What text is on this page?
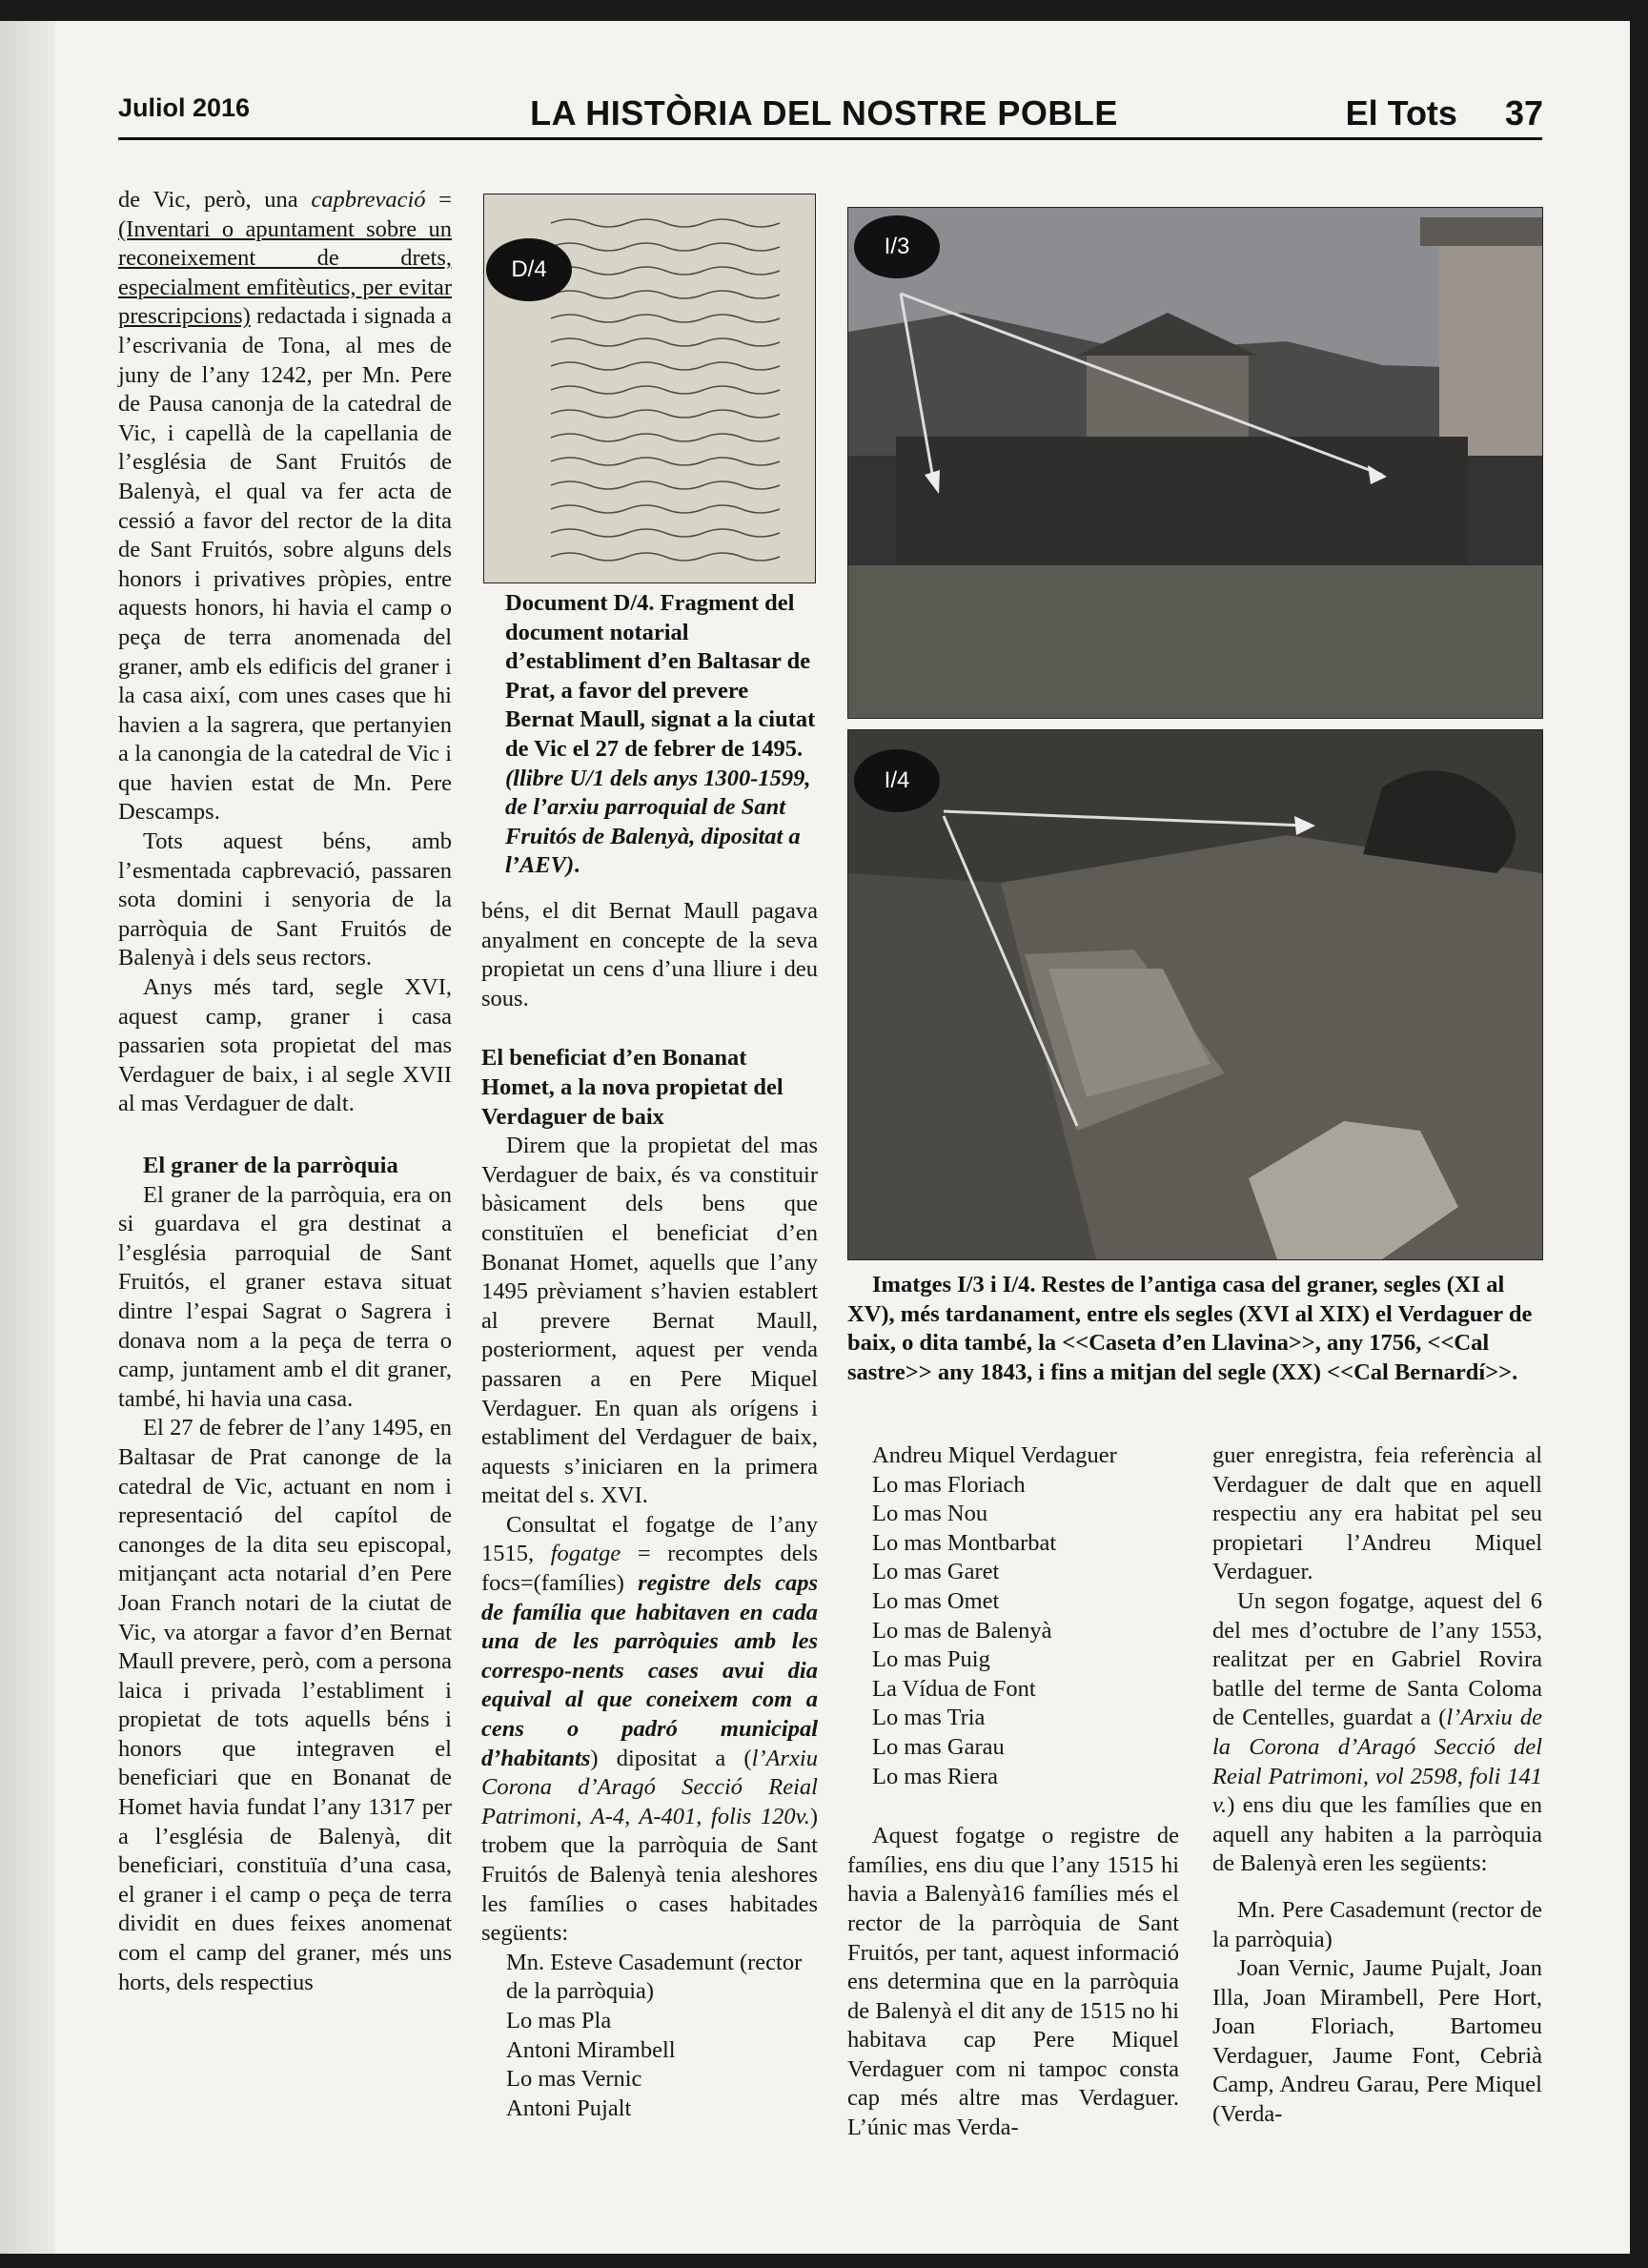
Juliol 2016	LA HISTÒRIA DEL NOSTRE POBLE	El Tots 37

de Vic, però, una capbrevació = (Inventari o apuntament sobre un reconeixement de drets, especialment emfitèutics, per evitar prescripcions) redactada i signada a l’escrivania de Tona, al mes de juny de l’any 1242, per Mn. Pere de Pausa canonja de la catedral de Vic, i capellà de la capellania de l’església de Sant Fruitós de Balenyà, el qual va fer acta de cessió a favor del rector de la dita de Sant Fruitós, sobre alguns dels honors i privatives pròpies, entre aquests honors, hi havia el camp o peça de terra anomenada del graner, amb els edificis del graner i la casa així, com unes cases que hi havien a la sagrera, que pertanyien a la canongia de la catedral de Vic i que havien estat de Mn. Pere Descamps.

Tots aquest béns, amb l’esmentada capbrevació, passaren sota domini i senyoria de la parròquia de Sant Fruitós de Balenyà i dels seus rectors.

Anys més tard, segle XVI, aquest camp, graner i casa passarien sota propietat del mas Verdaguer de baix, i al segle XVII al mas Verdaguer de dalt.

El graner de la parròquia

El graner de la parròquia, era on si guardava el gra destinat a l’església parroquial de Sant Fruitós, el graner estava situat dintre l’espai Sagrat o Sagrera i donava nom a la peça de terra o camp, juntament amb el dit graner, també, hi havia una casa.

El 27 de febrer de l’any 1495, en Baltasar de Prat canonge de la catedral de Vic, actuant en nom i representació del capítol de canonges de la dita seu episcopal, mitjançant acta notarial d’en Pere Joan Franch notari de la ciutat de Vic, va atorgar a favor d’en Bernat Maull prevere, però, com a persona laica i privada l’establiment i propietat de tots aquells béns i honors que integraven el beneficiari que en Bonanat de Homet havia fundat l’any 1317 per a l’església de Balenyà, dit beneficiari, constituïa d’una casa, el graner i el camp o peça de terra dividit en dues feixes anomenat com el camp del graner, més uns horts, dels respectius

D/4
Document D/4. Fragment del document notarial d’establiment d’en Baltasar de Prat, a favor del prevere Bernat Maull, signat a la ciutat de Vic el 27 de febrer de 1495. (llibre U/1 dels anys 1300-1599, de l’arxiu parroquial de Sant Fruitós de Balenyà, dipositat a l’AEV).

béns, el dit Bernat Maull pagava anyalment en concepte de la seva propietat un cens d’una lliure i deu sous.

El beneficiat d’en Bonanat Homet, a la nova propietat del Verdaguer de baix

Direm que la propietat del mas Verdaguer de baix, és va constituir bàsicament dels bens que constituïen el beneficiat d’en Bonanat Homet, aquells que l’any 1495 prèviament s’havien establert al prevere Bernat Maull, posteriorment, aquest per venda passaren a en Pere Miquel Verdaguer. En quan als orígens i establiment del Verdaguer de baix, aquests s’iniciaren en la primera meitat del s. XVI.

Consultat el fogatge de l’any 1515, fogatge = recomptes dels focs=(famílies) registre dels caps de família que habitaven en cada una de les parròquies amb les correspo-nents cases avui dia equival al que coneixem com a cens o padró municipal d’habitants) dipositat a (l’Arxiu Corona d’Aragó Secció Reial Patrimoni, A-4, A-401, folis 120v.) trobem que la parròquia de Sant Fruitós de Balenyà tenia aleshores les famílies o cases habitades següents:

Mn. Esteve Casademunt (rector de la parròquia)
Lo mas Pla
Antoni Mirambell
Lo mas Vernic
Antoni Pujalt
I/3
I/4
Imatges I/3 i I/4. Restes de l’antiga casa del graner, segles (XI al XV), més tardanament, entre els segles (XVI al XIX) el Verdaguer de baix, o dita també, la <<Caseta d’en Llavina>>, any 1756, <<Cal sastre>> any 1843, i fins a mitjan del segle (XX) <<Cal Bernardí>>.
Andreu Miquel Verdaguer
Lo mas Floriach
Lo mas Nou
Lo mas Montbarbat
Lo mas Garet
Lo mas Omet
Lo mas de Balenyà
Lo mas Puig
La Vídua de Font
Lo mas Tria
Lo mas Garau
Lo mas Riera

Aquest fogatge o registre de famílies, ens diu que l’any 1515 hi havia a Balenyà16 famílies més el rector de la parròquia de Sant Fruitós, per tant, aquest informació ens determina que en la parròquia de Balenyà el dit any de 1515 no hi habitava cap Pere Miquel Verdaguer com ni tampoc consta cap més altre mas Verdaguer. L’únic mas Verda-

guer enregistra, feia referència al Verdaguer de dalt que en aquell respectiu any era habitat pel seu propietari l’Andreu Miquel Verdaguer.

Un segon fogatge, aquest del 6 del mes d’octubre de l’any 1553, realitzat per en Gabriel Rovira batlle del terme de Santa Coloma de Centelles, guardat a (l’Arxiu de la Corona d’Aragó Secció del Reial Patrimoni, vol 2598, foli 141 v.) ens diu que les famílies que en aquell any habiten a la parròquia de Balenyà eren les següents:

Mn. Pere Casademunt (rector de la parròquia)

Joan Vernic, Jaume Pujalt, Joan Illa, Joan Mirambell, Pere Hort, Joan Floriach, Bartomeu Verdaguer, Jaume Font, Cebrià Camp, Andreu Garau, Pere Miquel (Verda-
